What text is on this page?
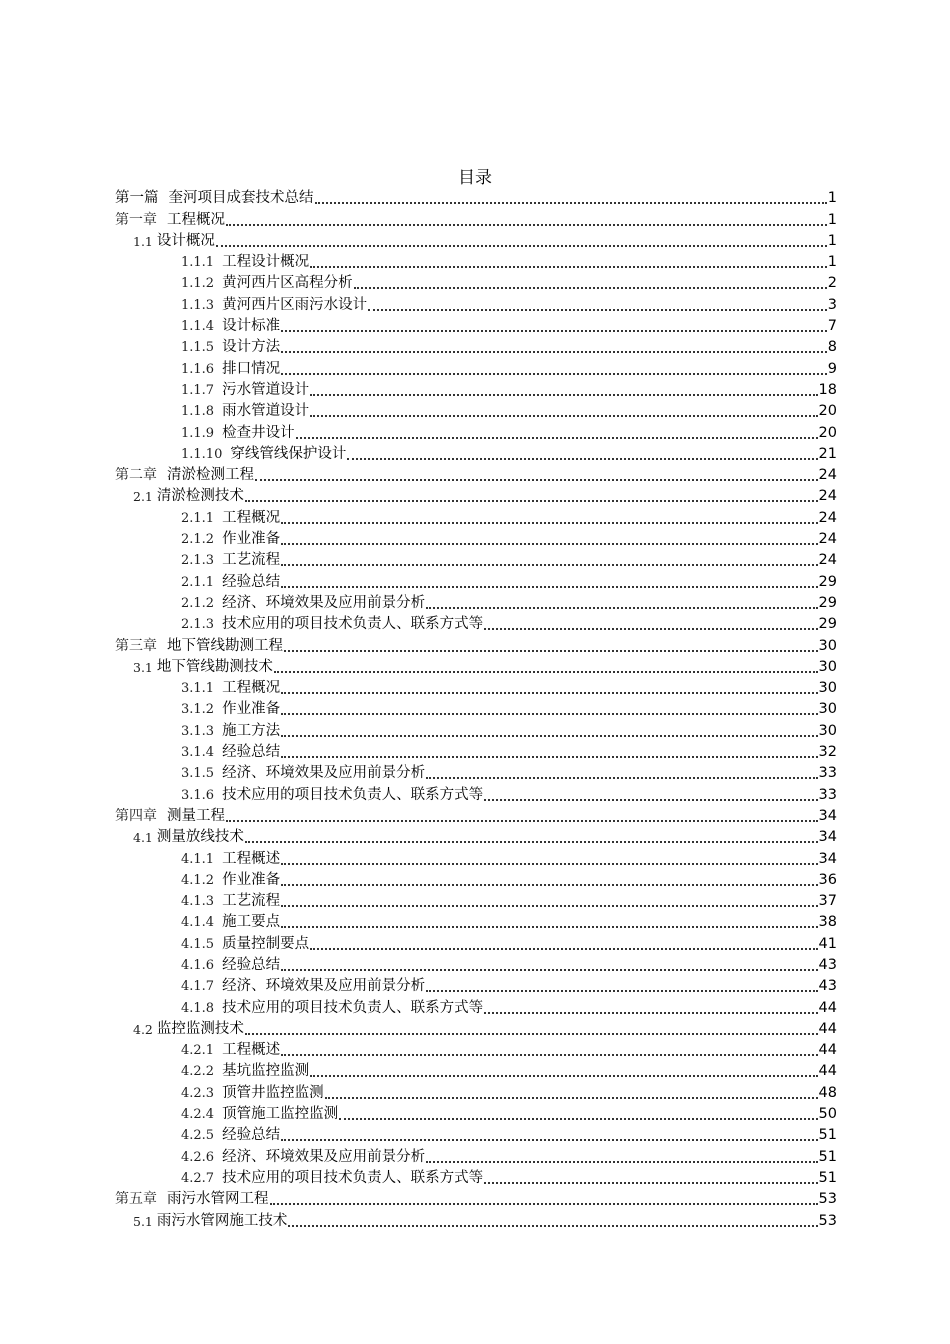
目录
第一篇 奎河项目成套技术总结	1
第一章 工程概况	1
1.1 设计概况	1
1.1.1 工程设计概况	1
1.1.2 黄河西片区高程分析	2
1.1.3 黄河西片区雨污水设计	3
1.1.4 设计标准	7
1.1.5 设计方法	8
1.1.6 排口情况	9
1.1.7 污水管道设计	18
1.1.8 雨水管道设计	20
1.1.9 检查井设计	20
1.1.10 穿线管线保护设计	21
第二章 清淤检测工程	24
2.1 清淤检测技术	24
2.1.1 工程概况	24
2.1.2 作业准备	24
2.1.3 工艺流程	24
2.1.1 经验总结	29
2.1.2 经济、环境效果及应用前景分析	29
2.1.3 技术应用的项目技术负责人、联系方式等	29
第三章 地下管线勘测工程	30
3.1 地下管线勘测技术	30
3.1.1 工程概况	30
3.1.2 作业准备	30
3.1.3 施工方法	30
3.1.4 经验总结	32
3.1.5 经济、环境效果及应用前景分析	33
3.1.6 技术应用的项目技术负责人、联系方式等	33
第四章 测量工程	34
4.1 测量放线技术	34
4.1.1 工程概述	34
4.1.2 作业准备	36
4.1.3 工艺流程	37
4.1.4 施工要点	38
4.1.5 质量控制要点	41
4.1.6 经验总结	43
4.1.7 经济、环境效果及应用前景分析	43
4.1.8 技术应用的项目技术负责人、联系方式等	44
4.2 监控监测技术	44
4.2.1 工程概述	44
4.2.2 基坑监控监测	44
4.2.3 顶管井监控监测	48
4.2.4 顶管施工监控监测	50
4.2.5 经验总结	51
4.2.6 经济、环境效果及应用前景分析	51
4.2.7 技术应用的项目技术负责人、联系方式等	51
第五章 雨污水管网工程	53
5.1 雨污水管网施工技术	53
